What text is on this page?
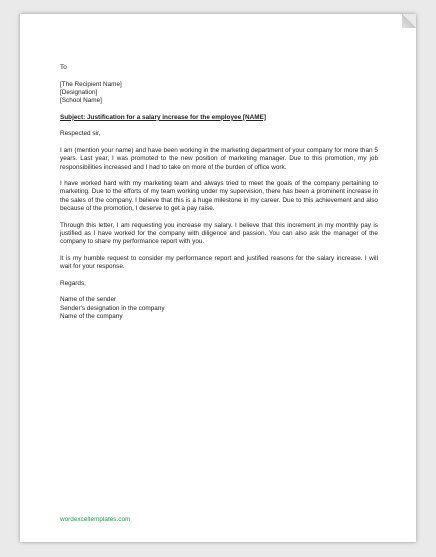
To

[The Recipient Name]
[Designation]
[School Name]

Subject: Justification for a salary increase for the employee [NAME]

Respected sir,

I am (mention your name) and have been working in the marketing department of your company for more than 5 years. Last year, I was promoted to the new position of marketing manager. Due to this promotion, my job responsibilities increased and I had to take on more of the burden of office work.

I have worked hard with my marketing team and always tried to meet the goals of the company pertaining to marketing. Due to the efforts of my team working under my supervision, there has been a prominent increase in the sales of the company. I believe that this is a huge milestone in my career. Due to this achievement and also because of the promotion, I deserve to get a pay raise.

Through this letter, I am requesting you increase my salary. I believe that this increment in my monthly pay is justified as I have worked for the company with diligence and passion. You can also ask the manager of the company to share my performance report with you.

It is my humble request to consider my performance report and justified reasons for the salary increase. I will wait for your response.

Regards,

Name of the sender
Sender's designation in the company
Name of the company

wordexceltemplates.com
